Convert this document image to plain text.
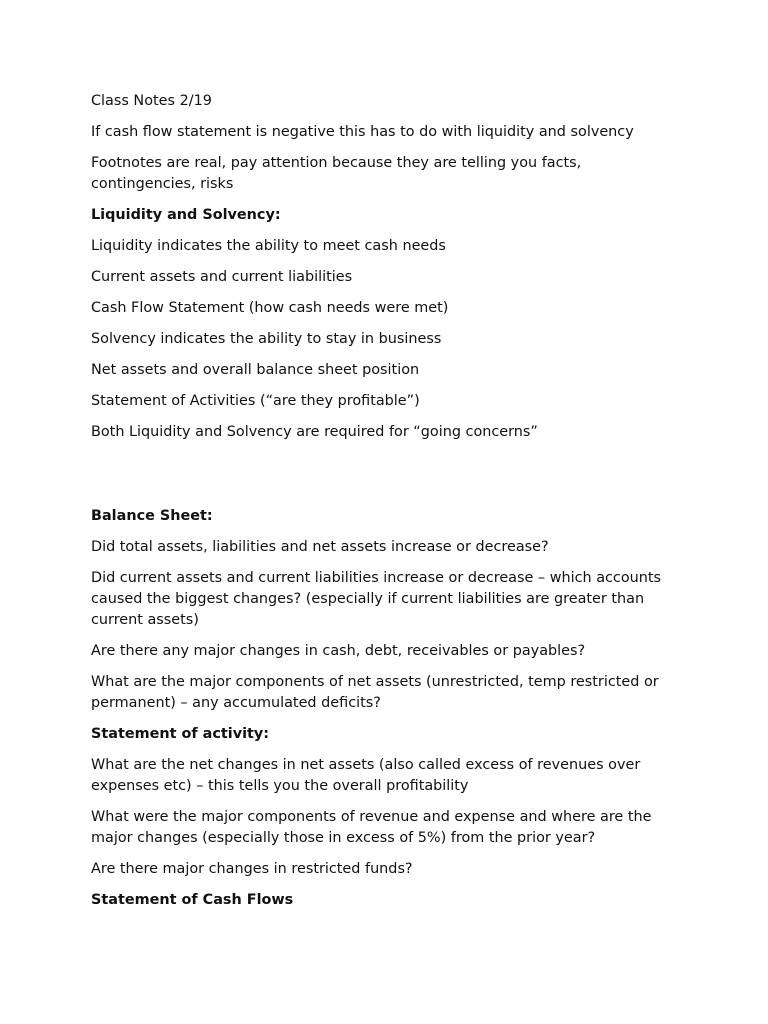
Class Notes 2/19

If cash flow statement is negative this has to do with liquidity and solvency

Footnotes are real, pay attention because they are telling you facts, contingencies, risks

Liquidity and Solvency:

Liquidity indicates the ability to meet cash needs

Current assets and current liabilities

Cash Flow Statement (how cash needs were met)

Solvency indicates the ability to stay in business

Net assets and overall balance sheet position

Statement of Activities (“are they profitable”)

Both Liquidity and Solvency are required for “going concerns”

Balance Sheet:

Did total assets, liabilities and net assets increase or decrease?

Did current assets and current liabilities increase or decrease – which accounts caused the biggest changes? (especially if current liabilities are greater than current assets)

Are there any major changes in cash, debt, receivables or payables?

What are the major components of net assets (unrestricted, temp restricted or permanent) – any accumulated deficits?

Statement of activity:

What are the net changes in net assets (also called excess of revenues over expenses etc) – this tells you the overall profitability

What were the major components of revenue and expense and where are the major changes (especially those in excess of 5%) from the prior year?

Are there major changes in restricted funds?

Statement of Cash Flows
